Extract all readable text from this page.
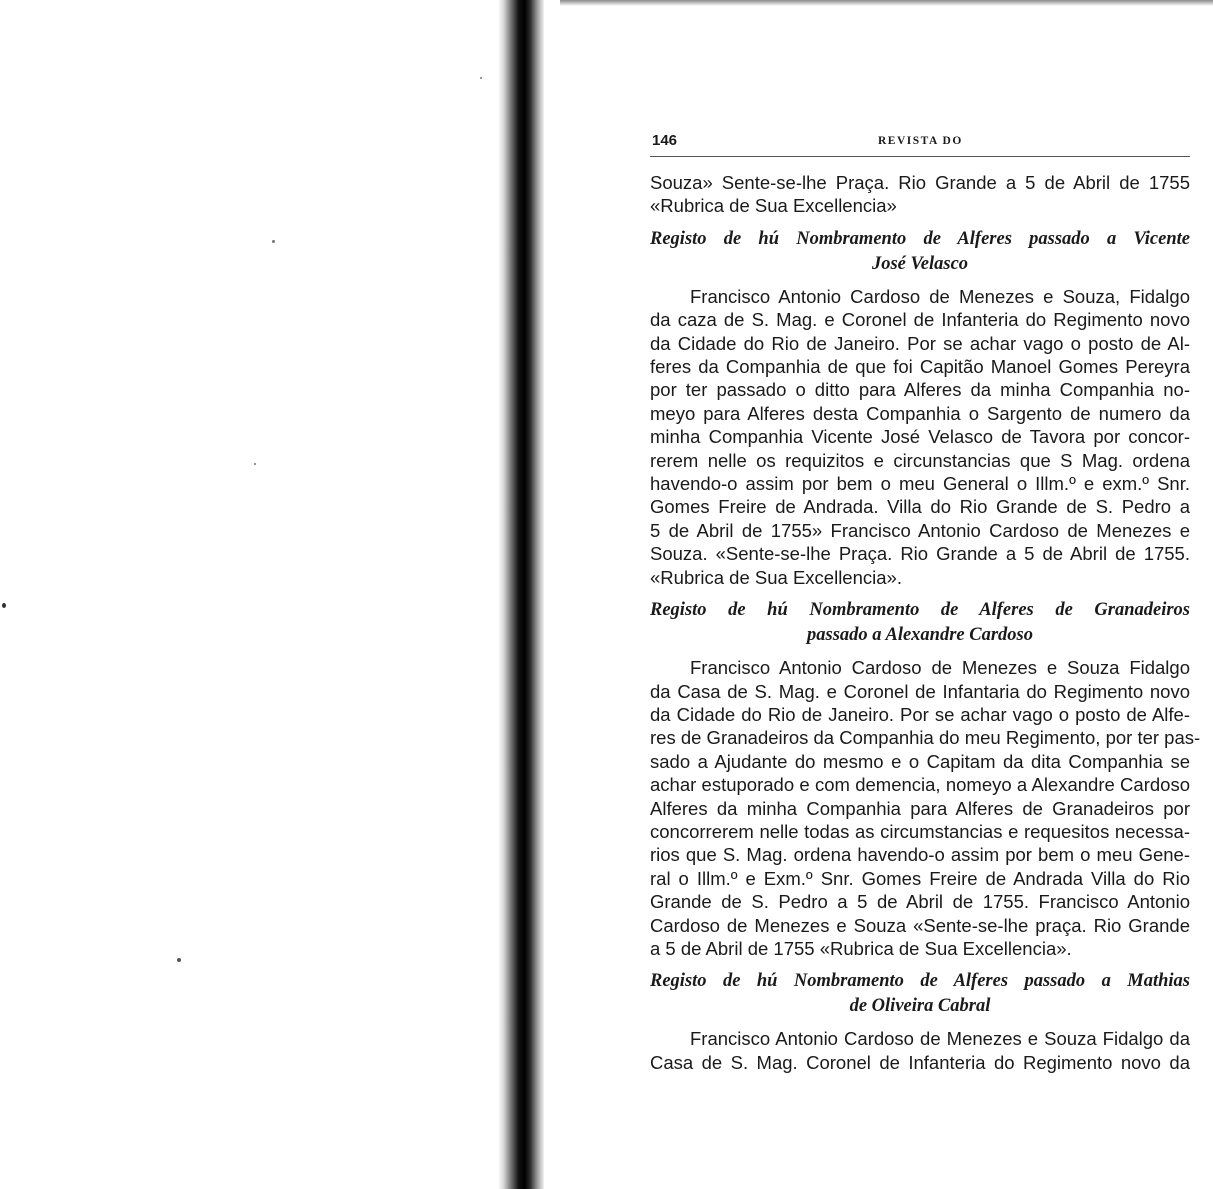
146	REVISTA DO
Souza» Sente-se-lhe Praça. Rio Grande a 5 de Abril de 1755
«Rubrica de Sua Excellencia»
Registo de hú Nombramento de Alferes passado a Vicente
José Velasco
Francisco Antonio Cardoso de Menezes e Souza, Fidalgo
da caza de S. Mag. e Coronel de Infanteria do Regimento novo
da Cidade do Rio de Janeiro. Por se achar vago o posto de Al-
feres da Companhia de que foi Capitão Manoel Gomes Pereyra
por ter passado o ditto para Alferes da minha Companhia no-
meyo para Alferes desta Companhia o Sargento de numero da
minha Companhia Vicente José Velasco de Tavora por concor-
rerem nelle os requizitos e circunstancias que S Mag. ordena
havendo-o assim por bem o meu General o Illm.º e exm.º Snr.
Gomes Freire de Andrada. Villa do Rio Grande de S. Pedro a
5 de Abril de 1755» Francisco Antonio Cardoso de Menezes e
Souza. «Sente-se-lhe Praça. Rio Grande a 5 de Abril de 1755.
«Rubrica de Sua Excellencia».
Registo de hú Nombramento de Alferes de Granadeiros
passado a Alexandre Cardoso
Francisco Antonio Cardoso de Menezes e Souza Fidalgo
da Casa de S. Mag. e Coronel de Infantaria do Regimento novo
da Cidade do Rio de Janeiro. Por se achar vago o posto de Alfe-
res de Granadeiros da Companhia do meu Regimento, por ter pas-
sado a Ajudante do mesmo e o Capitam da dita Companhia se
achar estuporado e com demencia, nomeyo a Alexandre Cardoso
Alferes da minha Companhia para Alferes de Granadeiros por
concorrerem nelle todas as circumstancias e requesitos necessa-
rios que S. Mag. ordena havendo-o assim por bem o meu Gene-
ral o Illm.º e Exm.º Snr. Gomes Freire de Andrada Villa do Rio
Grande de S. Pedro a 5 de Abril de 1755. Francisco Antonio
Cardoso de Menezes e Souza «Sente-se-lhe praça. Rio Grande
a 5 de Abril de 1755 «Rubrica de Sua Excellencia».
Registo de hú Nombramento de Alferes passado a Mathias
de Oliveira Cabral
Francisco Antonio Cardoso de Menezes e Souza Fidalgo da
Casa de S. Mag. Coronel de Infanteria do Regimento novo da
